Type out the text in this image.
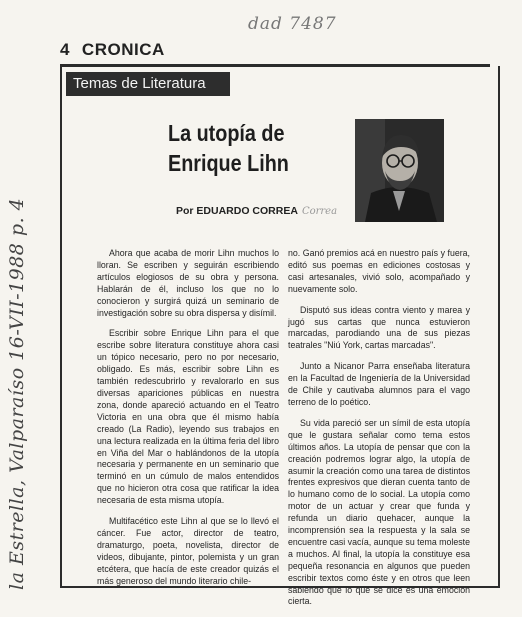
dad 7487
la Estrella, Valparaíso 16-VII-1988 p. 4
4 CRONICA
Temas de Literatura
La utopía de
Enrique Lihn
Por EDUARDO CORREA Correa

Ahora que acaba de morir Lihn muchos lo lloran. Se escriben y seguirán escribiendo artículos elogiosos de su obra y persona. Hablarán de él, incluso los que no lo conocieron y surgirá quizá un seminario de investigación sobre su obra dispersa y disímil.

Escribir sobre Enrique Lihn para el que escribe sobre literatura constituye ahora casi un tópico necesario, pero no por necesario, obligado. Es más, escribir sobre Lihn es también redescubrirlo y revalorarlo en sus diversas apariciones públicas en nuestra zona, donde apareció actuando en el Teatro Victoria en una obra que él mismo había creado (La Radio), leyendo sus trabajos en una lectura realizada en la última feria del libro en Viña del Mar o hablándonos de la utopía necesaria y permanente en un seminario que terminó en un cúmulo de malos entendidos que no hicieron otra cosa que ratificar la idea necesaria de esta misma utopía.

Multifacético este Lihn al que se lo llevó el cáncer. Fue actor, director de teatro, dramaturgo, poeta, novelista, director de videos, dibujante, pintor, polemista y un gran etcétera, que hacía de este creador quizás el más generoso del mundo literario chile-

no. Ganó premios acá en nuestro país y fuera, editó sus poemas en ediciones costosas y casi artesanales, vivió solo, acompañado y nuevamente solo.

Disputó sus ideas contra viento y marea y jugó sus cartas que nunca estuvieron marcadas, parodiando una de sus piezas teatrales "Niú York, cartas marcadas".

Junto a Nicanor Parra enseñaba literatura en la Facultad de Ingeniería de la Universidad de Chile y cautivaba alumnos para el vago terreno de lo poético.

Su vida pareció ser un símil de esta utopía que le gustara señalar como tema estos últimos años. La utopía de pensar que con la creación podremos lograr algo, la utopía de asumir la creación como una tarea de distintos frentes expresivos que dieran cuenta tanto de lo humano como de lo social. La utopía como motor de un actuar y crear que funda y refunda un diario quehacer, aunque la incomprensión sea la respuesta y la sala se encuentre casi vacía, aunque su tema moleste a muchos. Al final, la utopía la constituye esa pequeña resonancia en algunos que pueden escribir textos como éste y en otros que leen sabiendo que lo que se dice es una emoción cierta.
